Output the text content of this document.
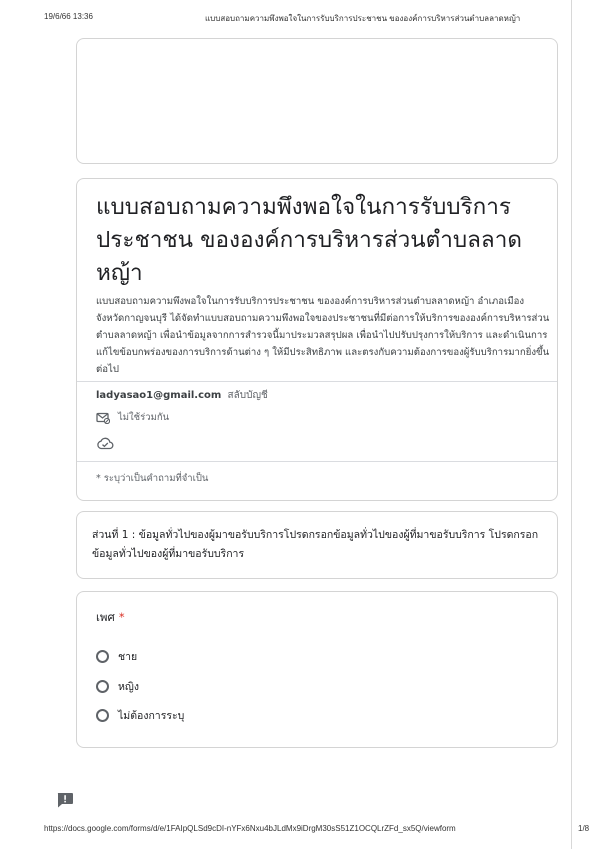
19/6/66 13:36	แบบสอบถามความพึงพอใจในการรับบริการประชาชน ขององค์การบริหารส่วนตำบลลาดหญ้า
แบบสอบถามความพึงพอใจในการรับบริการประชาชน ขององค์การบริหารส่วนตำบลลาดหญ้า
แบบสอบถามความพึงพอใจในการรับบริการประชาชน ขององค์การบริหารส่วนตำบลลาดหญ้า อำเภอเมือง จังหวัดกาญจนบุรี ได้จัดทำแบบสอบถามความพึงพอใจของประชาชนที่มีต่อการให้บริการขององค์การบริหารส่วนตำบลลาดหญ้า เพื่อนำข้อมูลจากการสำรวจนี้มาประมวลสรุปผล เพื่อนำไปปรับปรุงการให้บริการ และดำเนินการแก้ไขข้อบกพร่องของการบริการด้านต่าง ๆ ให้มีประสิทธิภาพ และตรงกับความต้องการของผู้รับบริการมากยิ่งขึ้นต่อไป
ladyasao1@gmail.com สลับบัญชี
ไม่ใช้ร่วมกัน
* ระบุว่าเป็นคำถามที่จำเป็น
ส่วนที่ 1 : ข้อมูลทั่วไปของผู้มาขอรับบริการโปรดกรอกข้อมูลทั่วไปของผู้ที่มาขอรับบริการ โปรดกรอกข้อมูลทั่วไปของผู้ที่มาขอรับบริการ
เพศ *
ชาย
หญิง
ไม่ต้องการระบุ
https://docs.google.com/forms/d/e/1FAIpQLSd9cDI-nYFx6Nxu4bJLdMx9iDrgM30sS51Z1OCQLrZFd_sx5Q/viewform	1/8
